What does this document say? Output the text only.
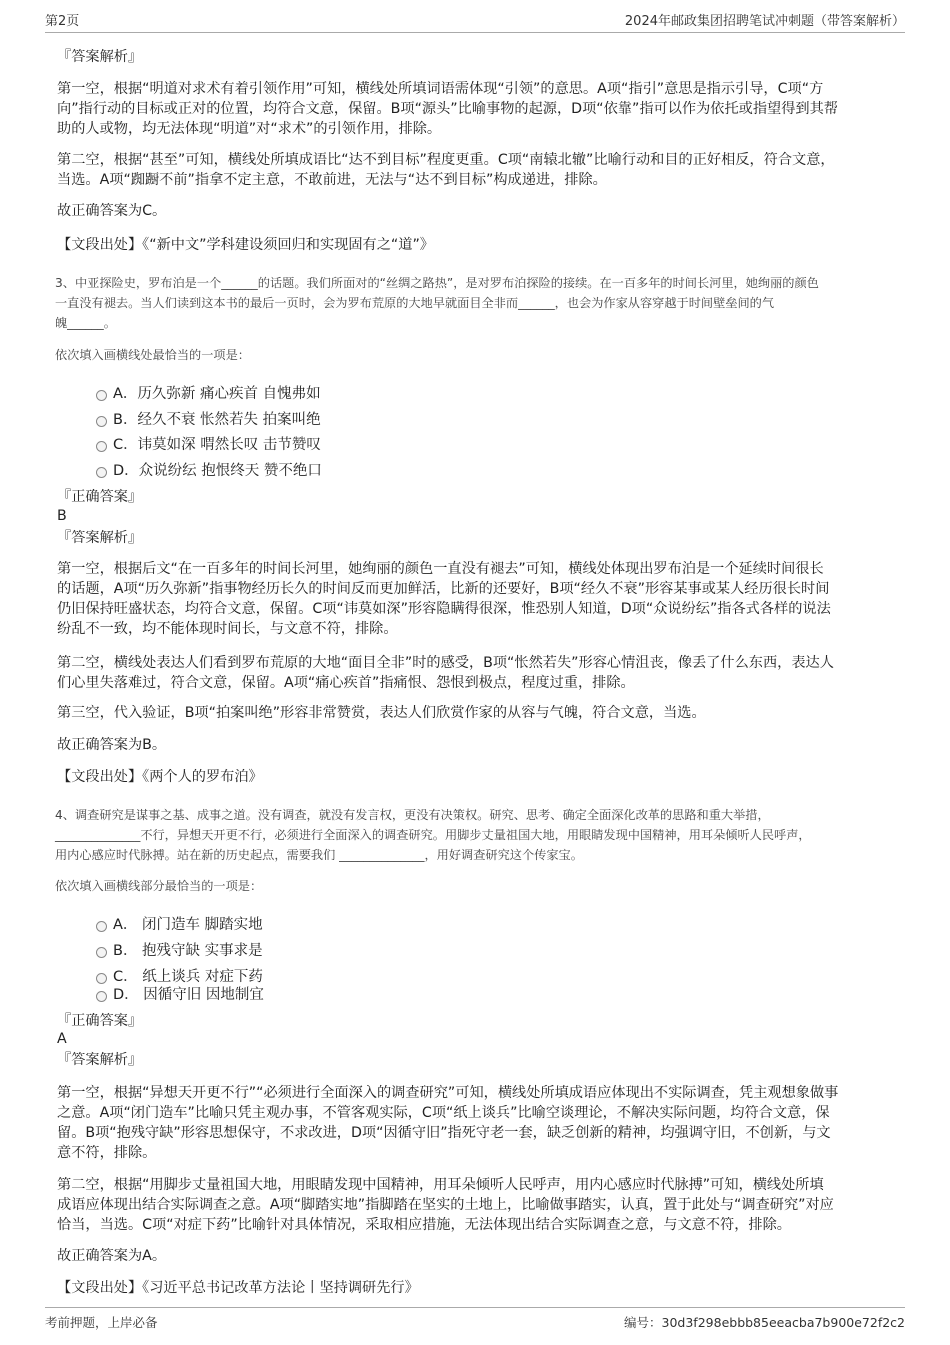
第2页	2024年邮政集团招聘笔试冲刺题（带答案解析）
『答案解析』
第一空，根据“明道对求术有着引领作用”可知，横线处所填词语需体现“引领”的意思。A项“指引”意思是指示引导，C项“方
向”指行动的目标或正对的位置，均符合文意，保留。B项“源头”比喻事物的起源，D项“依靠”指可以作为依托或指望得到其帮
助的人或物，均无法体现“明道”对“求术”的引领作用，排除。
第二空，根据“甚至”可知，横线处所填成语比“达不到目标”程度更重。C项“南辕北辙”比喻行动和目的正好相反，符合文意，
当选。A项“踟蹰不前”指拿不定主意，不敢前进，无法与“达不到目标”构成递进，排除。
故正确答案为C。
【文段出处】《“新中文”学科建设须回归和实现固有之“道”》
3、中亚探险史，罗布泊是一个______的话题。我们所面对的“丝绸之路热”，是对罗布泊探险的接续。在一百多年的时间长河里，她绚丽的颜色
一直没有褪去。当人们读到这本书的最后一页时，会为罗布荒原的大地早就面目全非而______，也会为作家从容穿越于时间壁垒间的气
魄______。
依次填入画横线处最恰当的一项是：
A．历久弥新 痛心疾首 自愧弗如
B．经久不衰 怅然若失 拍案叫绝
C．讳莫如深 喟然长叹 击节赞叹
D．众说纷纭 抱恨终天 赞不绝口
『正确答案』
B
『答案解析』
第一空，根据后文“在一百多年的时间长河里，她绚丽的颜色一直没有褪去”可知，横线处体现出罗布泊是一个延续时间很长
的话题，A项“历久弥新”指事物经历长久的时间反而更加鲜活，比新的还要好，B项“经久不衰”形容某事或某人经历很长时间
仍旧保持旺盛状态，均符合文意，保留。C项“讳莫如深”形容隐瞒得很深，惟恐别人知道，D项“众说纷纭”指各式各样的说法
纷乱不一致，均不能体现时间长，与文意不符，排除。
第二空，横线处表达人们看到罗布荒原的大地“面目全非”时的感受，B项“怅然若失”形容心情沮丧，像丢了什么东西，表达人
们心里失落难过，符合文意，保留。A项“痛心疾首”指痛恨、怨恨到极点，程度过重，排除。
第三空，代入验证，B项“拍案叫绝”形容非常赞赏，表达人们欣赏作家的从容与气魄，符合文意，当选。
故正确答案为B。
【文段出处】《两个人的罗布泊》
4、调查研究是谋事之基、成事之道。没有调查，就没有发言权，更没有决策权。研究、思考、确定全面深化改革的思路和重大举措，
______________不行，异想天开更不行，必须进行全面深入的调查研究。用脚步丈量祖国大地，用眼睛发现中国精神，用耳朵倾听人民呼声，
用内心感应时代脉搏。站在新的历史起点，需要我们 ______________，用好调查研究这个传家宝。
依次填入画横线部分最恰当的一项是：
A． 闭门造车 脚踏实地
B． 抱残守缺 实事求是
C． 纸上谈兵 对症下药
D． 因循守旧 因地制宜
『正确答案』
A
『答案解析』
第一空，根据“异想天开更不行”“必须进行全面深入的调查研究”可知，横线处所填成语应体现出不实际调查，凭主观想象做事
之意。A项“闭门造车”比喻只凭主观办事，不管客观实际，C项“纸上谈兵”比喻空谈理论，不解决实际问题，均符合文意，保
留。B项“抱残守缺”形容思想保守，不求改进，D项“因循守旧”指死守老一套，缺乏创新的精神，均强调守旧，不创新，与文
意不符，排除。
第二空，根据“用脚步丈量祖国大地，用眼睛发现中国精神，用耳朵倾听人民呼声，用内心感应时代脉搏”可知，横线处所填
成语应体现出结合实际调查之意。A项“脚踏实地”指脚踏在坚实的土地上，比喻做事踏实，认真，置于此处与“调查研究”对应
恰当，当选。C项“对症下药”比喻针对具体情况，采取相应措施，无法体现出结合实际调查之意，与文意不符，排除。
故正确答案为A。
【文段出处】《习近平总书记改革方法论丨坚持调研先行》
考前押题，上岸必备	编号：30d3f298ebbb85eeacba7b900e72f2c2
